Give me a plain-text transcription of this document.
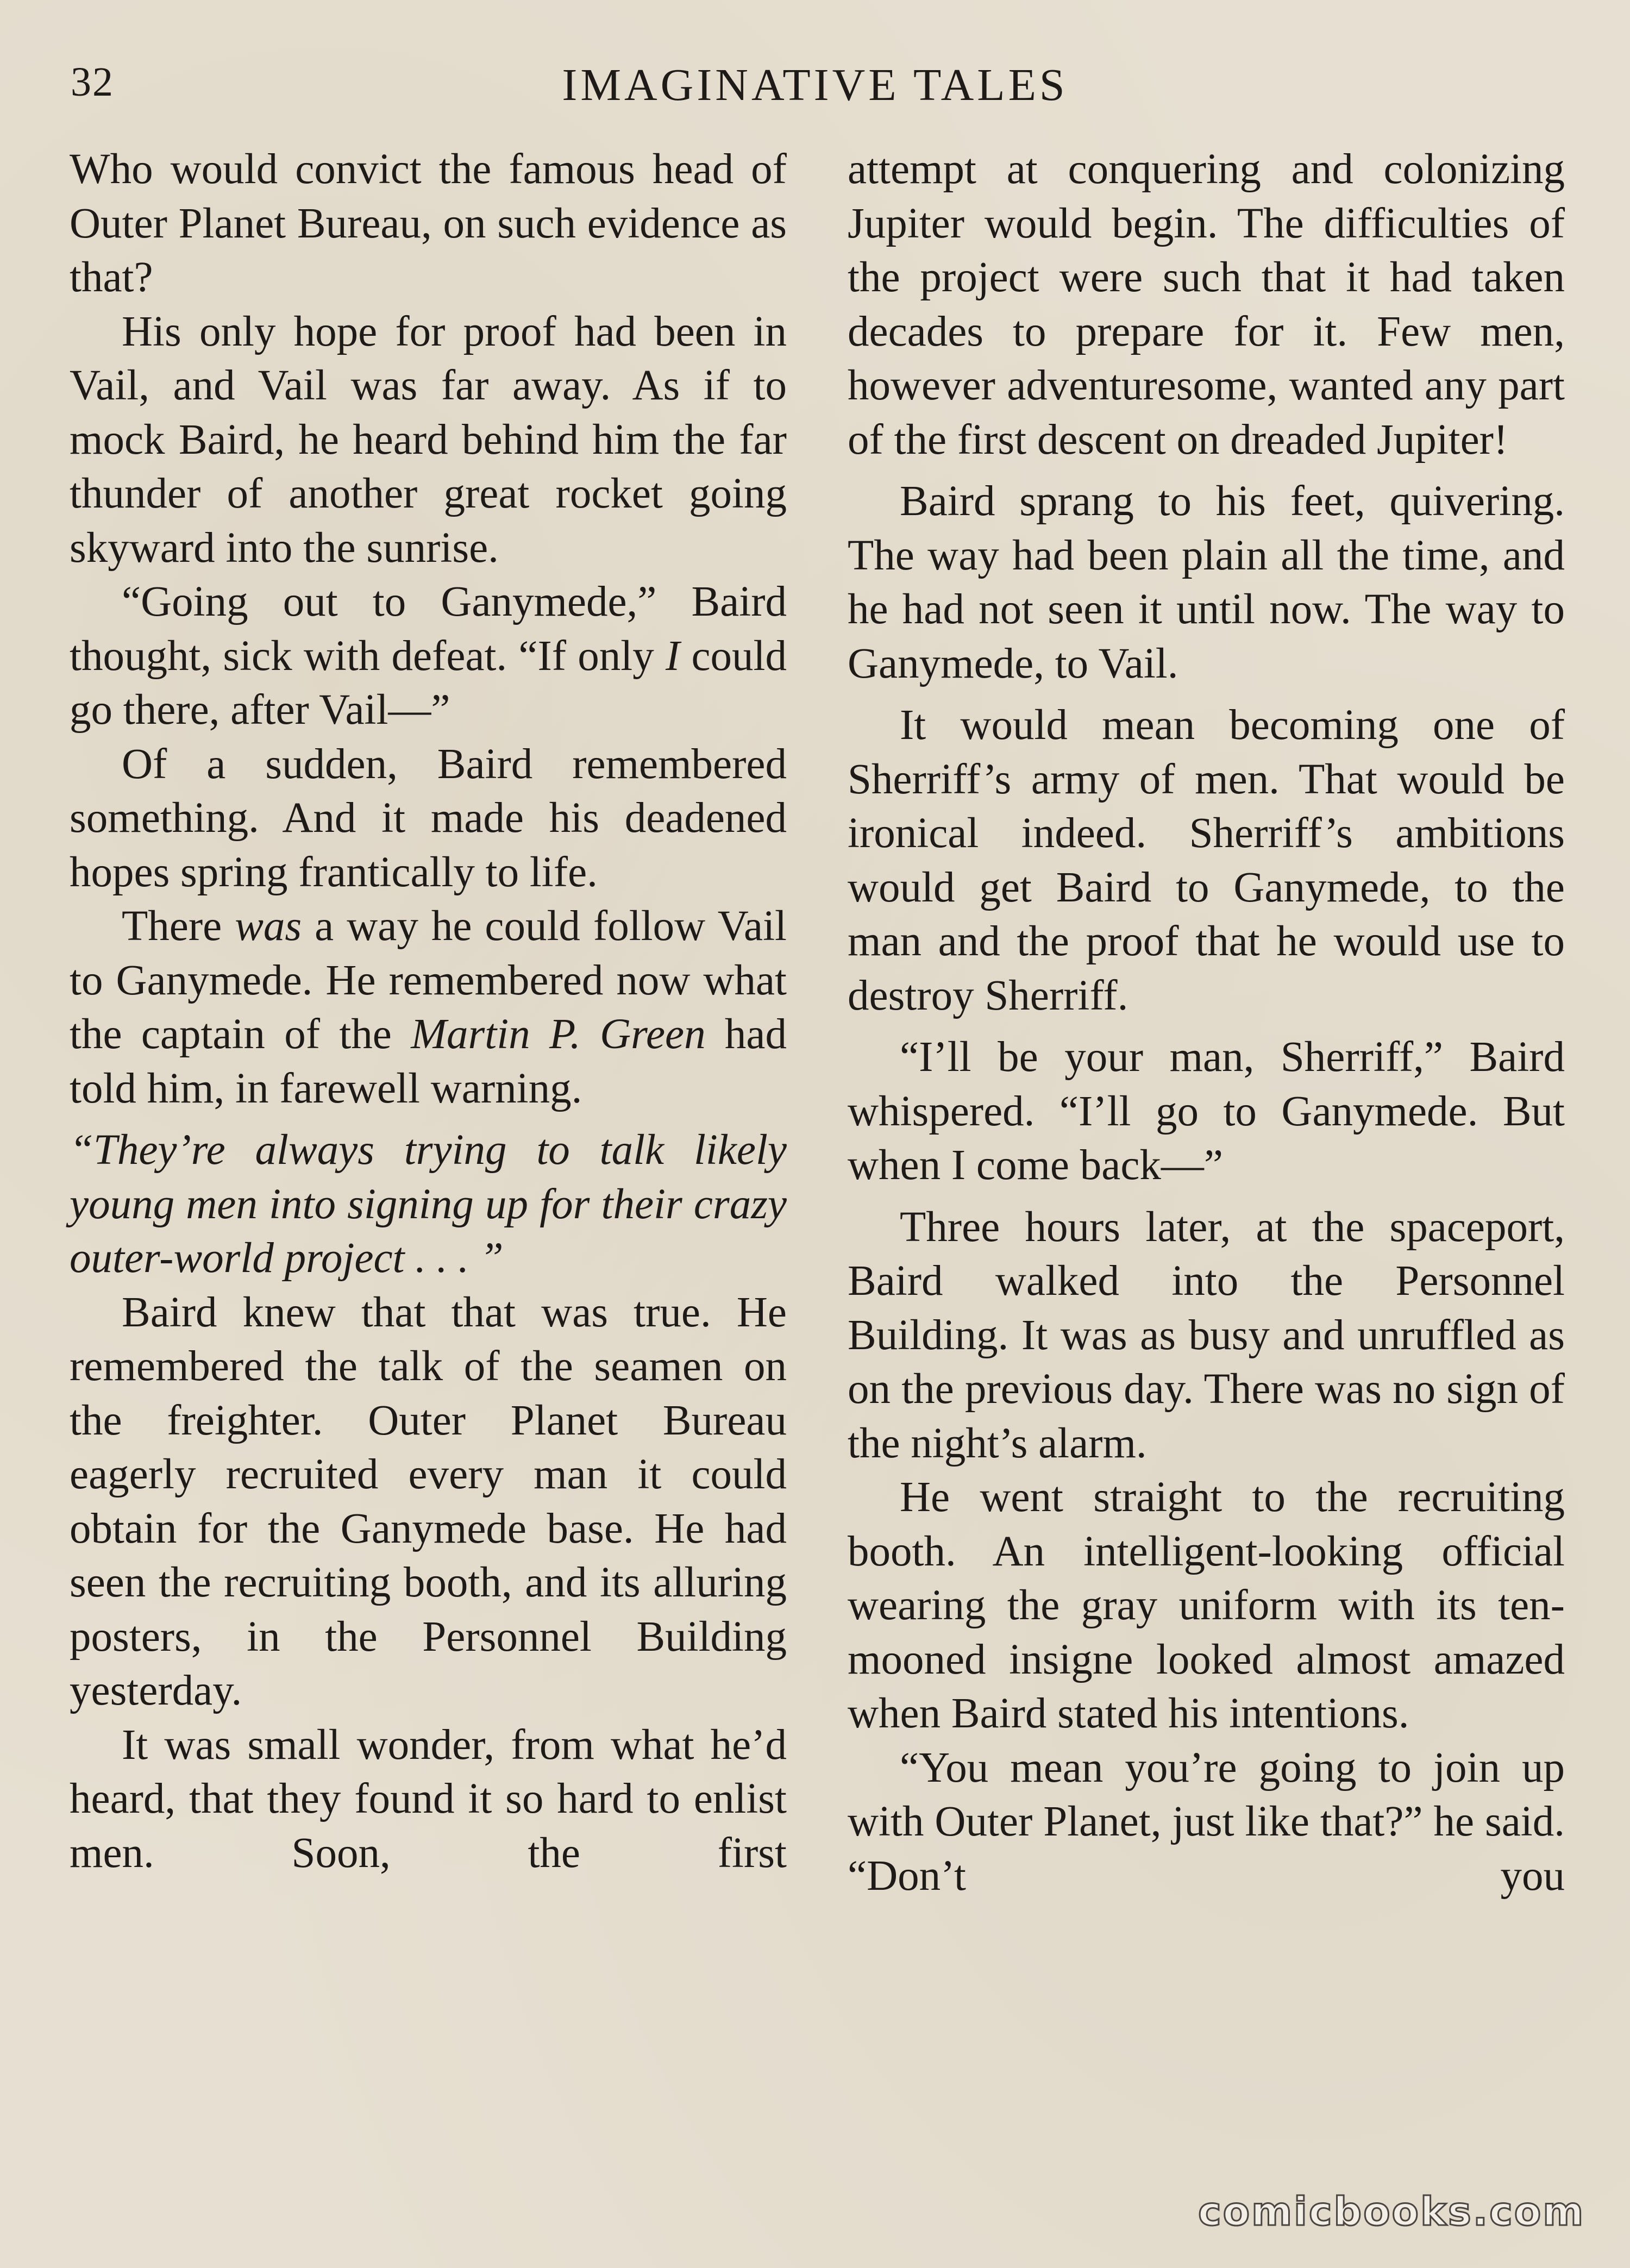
32	IMAGINATIVE TALES

Who would convict the famous head of Outer Planet Bureau, on such evidence as that?

His only hope for proof had been in Vail, and Vail was far away. As if to mock Baird, he heard behind him the far thunder of another great rocket going skyward into the sunrise.

“Going out to Ganymede,” Baird thought, sick with defeat. “If only I could go there, after Vail—”

Of a sudden, Baird remembered something. And it made his deadened hopes spring frantically to life.

There was a way he could follow Vail to Ganymede. He remembered now what the captain of the Martin P. Green had told him, in farewell warning.

“They’re always trying to talk likely young men into signing up for their crazy outer-world project . . . ”

Baird knew that that was true. He remembered the talk of the seamen on the freighter. Outer Planet Bureau eagerly recruited every man it could obtain for the Ganymede base. He had seen the recruiting booth, and its alluring posters, in the Personnel Building yesterday.

It was small wonder, from what he’d heard, that they found it so hard to enlist men. Soon, the first

attempt at conquering and colonizing Jupiter would begin. The difficulties of the project were such that it had taken decades to prepare for it. Few men, however adventuresome, wanted any part of the first descent on dreaded Jupiter!

Baird sprang to his feet, quivering. The way had been plain all the time, and he had not seen it until now. The way to Ganymede, to Vail.

It would mean becoming one of Sherriff’s army of men. That would be ironical indeed. Sherriff’s ambitions would get Baird to Ganymede, to the man and the proof that he would use to destroy Sherriff.

“I’ll be your man, Sherriff,” Baird whispered. “I’ll go to Ganymede. But when I come back—”

Three hours later, at the spaceport, Baird walked into the Personnel Building. It was as busy and unruffled as on the previous day. There was no sign of the night’s alarm.

He went straight to the recruiting booth. An intelligent-looking official wearing the gray uniform with its ten-mooned insigne looked almost amazed when Baird stated his intentions.

“You mean you’re going to join up with Outer Planet, just like that?” he said. “Don’t you

comicbooks.com
